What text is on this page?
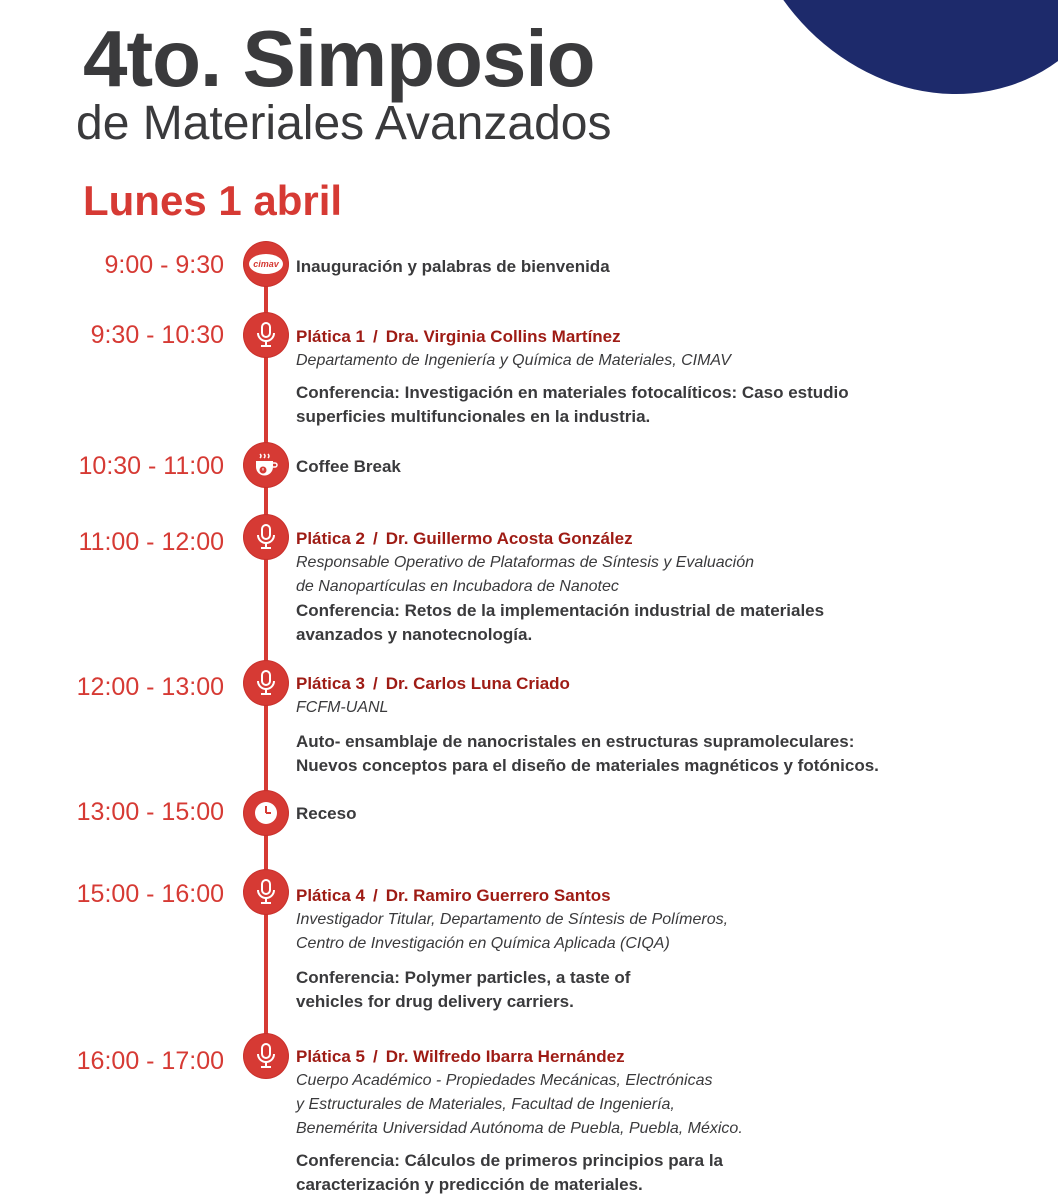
4to. Simposio
de Materiales Avanzados
Lunes 1 abril
9:00 - 9:30	cimav Inauguración y palabras de bienvenida
9:30 - 10:30	Plática 1 / Dra. Virginia Collins Martínez
Departamento de Ingeniería y Química de Materiales, CIMAV
Conferencia: Investigación en materiales fotocalíticos: Caso estudio
superficies multifuncionales en la industria.
10:30 - 11:00	Coffee Break
11:00 - 12:00	Plática 2 / Dr. Guillermo Acosta González
Responsable Operativo de Plataformas de Síntesis y Evaluación
de Nanopartículas en Incubadora de Nanotec
Conferencia: Retos de la implementación industrial de materiales
avanzados y nanotecnología.
12:00 - 13:00	Plática 3 / Dr. Carlos Luna Criado
FCFM-UANL
Auto- ensamblaje de nanocristales en estructuras supramoleculares:
Nuevos conceptos para el diseño de materiales magnéticos y fotónicos.
13:00 - 15:00	Receso
15:00 - 16:00	Plática 4 / Dr. Ramiro Guerrero Santos
Investigador Titular, Departamento de Síntesis de Polímeros,
Centro de Investigación en Química Aplicada (CIQA)
Conferencia: Polymer particles, a taste of
vehicles for drug delivery carriers.
16:00 - 17:00	Plática 5 / Dr. Wilfredo Ibarra Hernández
Cuerpo Académico - Propiedades Mecánicas, Electrónicas
y Estructurales de Materiales, Facultad de Ingeniería,
Benemérita Universidad Autónoma de Puebla, Puebla, México.
Conferencia: Cálculos de primeros principios para la
caracterización y predicción de materiales.
